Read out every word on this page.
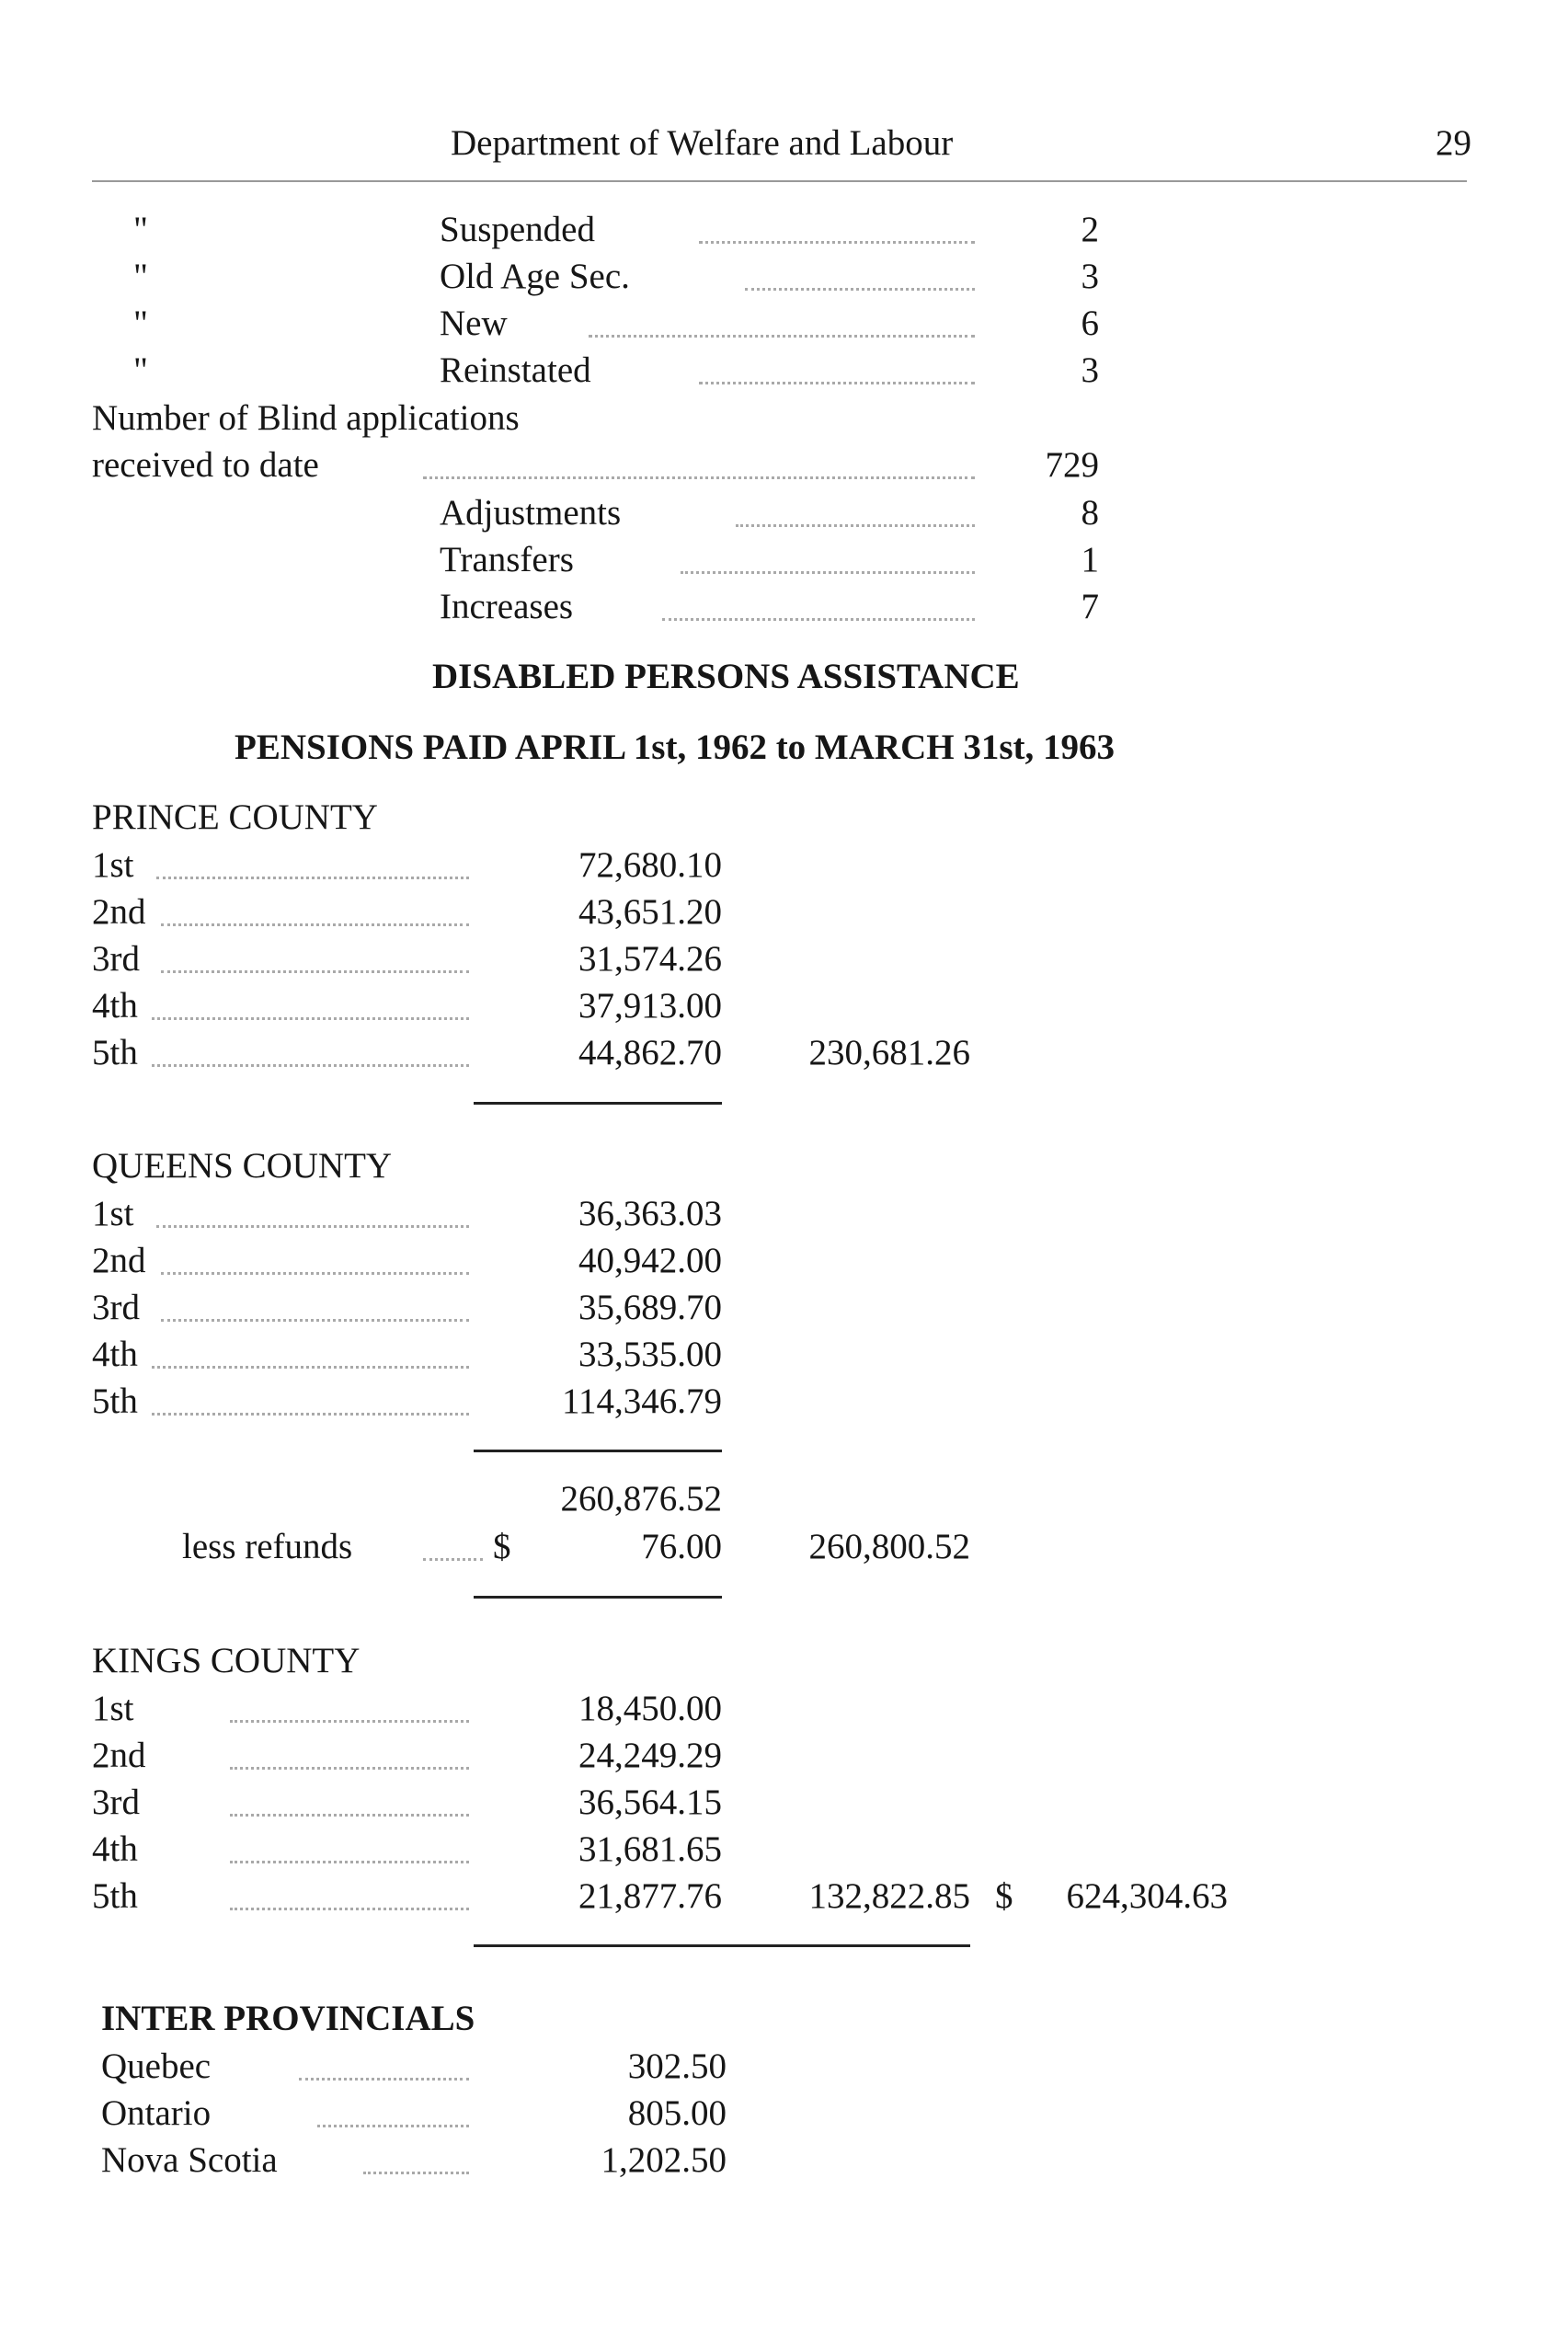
Department of Welfare and Labour	29
"	Suspended	2
"	Old Age Sec.	3
"	New	6
"	Reinstated	3
Number of Blind applications
received to date	729
Adjustments	8
Transfers	1
Increases	7
DISABLED PERSONS ASSISTANCE
PENSIONS PAID APRIL 1st, 1962 to MARCH 31st, 1963
PRINCE COUNTY
1st	72,680.10
2nd	43,651.20
3rd	31,574.26
4th	37,913.00
5th	44,862.70	230,681.26
QUEENS COUNTY
1st	36,363.03
2nd	40,942.00
3rd	35,689.70
4th	33,535.00
5th	114,346.79
260,876.52
less refunds	$	76.00	260,800.52
KINGS COUNTY
1st	18,450.00
2nd	24,249.29
3rd	36,564.15
4th	31,681.65
5th	21,877.76	132,822.85 $	624,304.63
INTER PROVINCIALS
Quebec	302.50
Ontario	805.00
Nova Scotia	1,202.50
